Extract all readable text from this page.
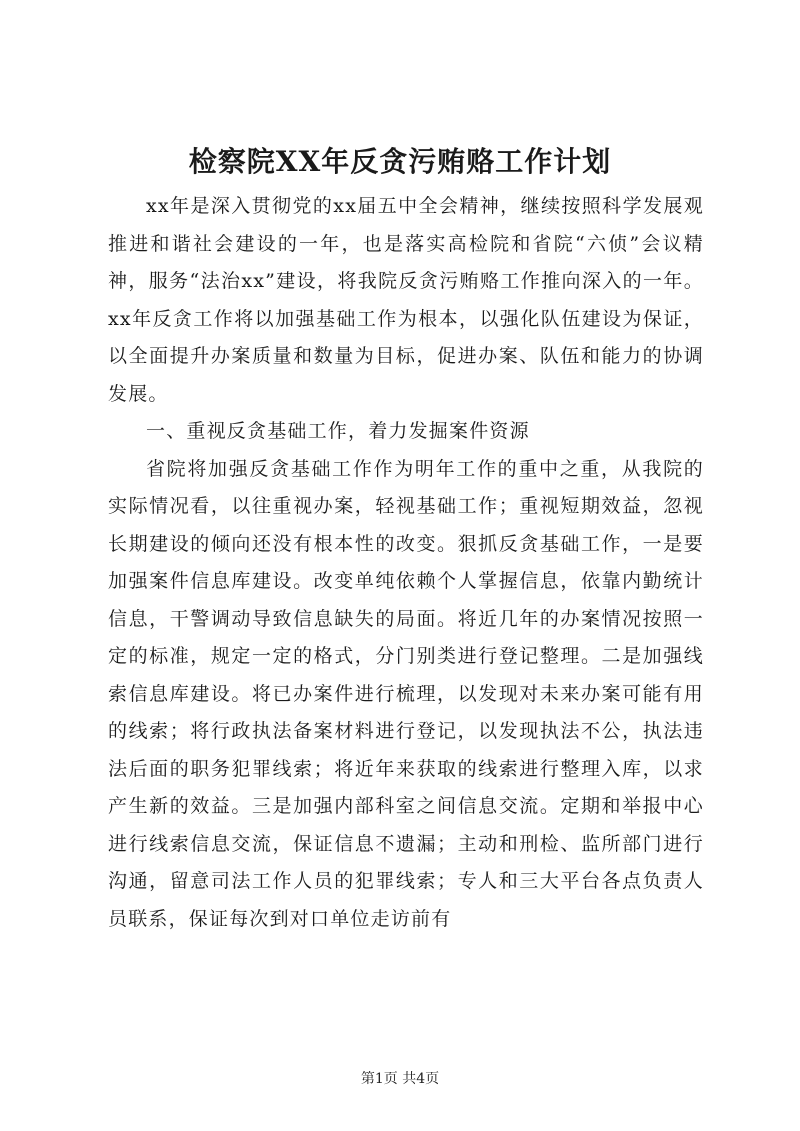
检察院XX年反贪污贿赂工作计划

xx年是深入贯彻党的xx届五中全会精神，继续按照科学发展观推进和谐社会建设的一年，也是落实高检院和省院“六侦”会议精神，服务“法治xx”建设，将我院反贪污贿赂工作推向深入的一年。xx年反贪工作将以加强基础工作为根本，以强化队伍建设为保证，以全面提升办案质量和数量为目标，促进办案、队伍和能力的协调发展。

一、重视反贪基础工作，着力发掘案件资源

省院将加强反贪基础工作作为明年工作的重中之重，从我院的实际情况看，以往重视办案，轻视基础工作；重视短期效益，忽视长期建设的倾向还没有根本性的改变。狠抓反贪基础工作，一是要加强案件信息库建设。改变单纯依赖个人掌握信息，依靠内勤统计信息，干警调动导致信息缺失的局面。将近几年的办案情况按照一定的标准，规定一定的格式，分门别类进行登记整理。二是加强线索信息库建设。将已办案件进行梳理，以发现对未来办案可能有用的线索；将行政执法备案材料进行登记，以发现执法不公，执法违法后面的职务犯罪线索；将近年来获取的线索进行整理入库，以求产生新的效益。三是加强内部科室之间信息交流。定期和举报中心进行线索信息交流，保证信息不遗漏；主动和刑检、监所部门进行沟通，留意司法工作人员的犯罪线索；专人和三大平台各点负责人员联系，保证每次到对口单位走访前有

第1页 共4页
